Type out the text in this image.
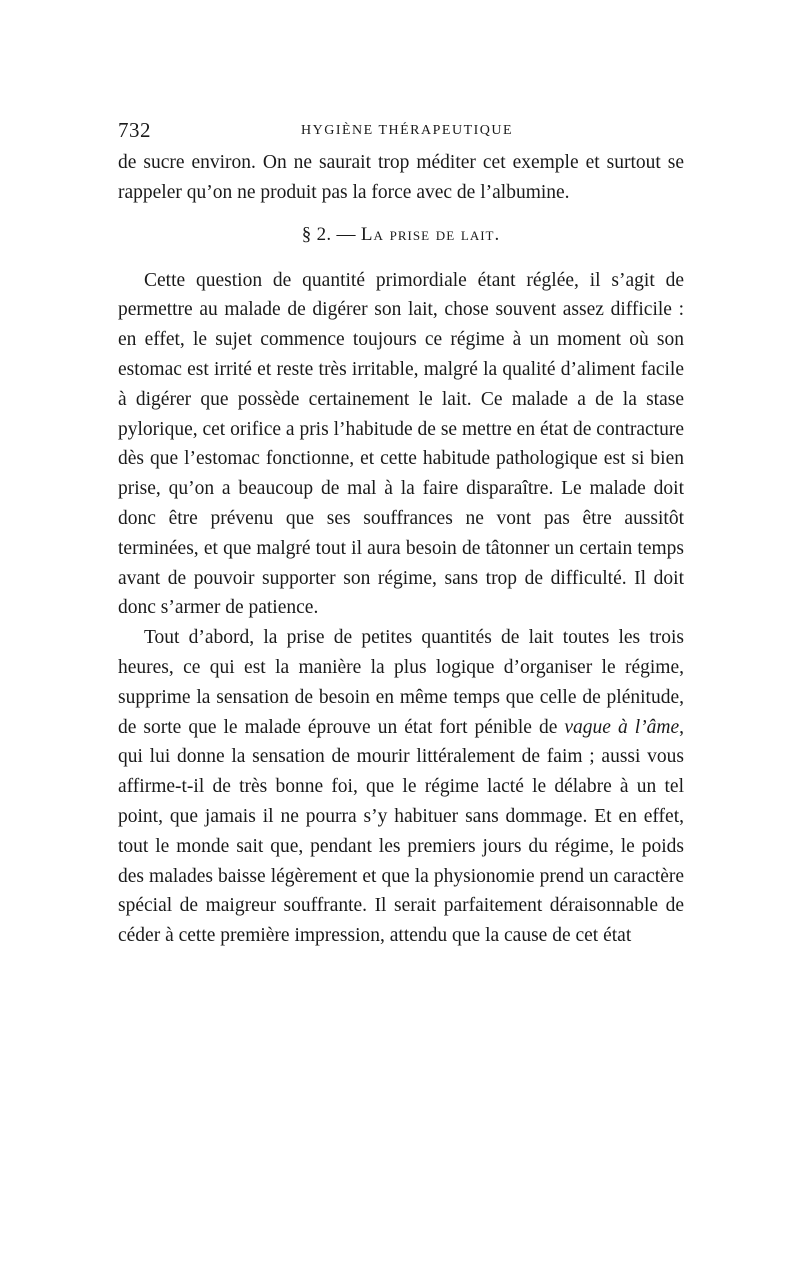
732	HYGIÈNE THÉRAPEUTIQUE

de sucre environ. On ne saurait trop méditer cet exemple et surtout se rappeler qu’on ne produit pas la force avec de l’albumine.

§ 2. — La prise de lait.

Cette question de quantité primordiale étant réglée, il s’agit de permettre au malade de digérer son lait, chose souvent assez difficile : en effet, le sujet commence toujours ce régime à un moment où son estomac est irrité et reste très irritable, malgré la qualité d’aliment facile à digérer que possède certainement le lait. Ce malade a de la stase pylorique, cet orifice a pris l’habitude de se mettre en état de contracture dès que l’estomac fonctionne, et cette habitude pathologique est si bien prise, qu’on a beaucoup de mal à la faire disparaître. Le malade doit donc être prévenu que ses souffrances ne vont pas être aussitôt terminées, et que malgré tout il aura besoin de tâtonner un certain temps avant de pouvoir supporter son régime, sans trop de difficulté. Il doit donc s’armer de patience.

Tout d’abord, la prise de petites quantités de lait toutes les trois heures, ce qui est la manière la plus logique d’organiser le régime, supprime la sensation de besoin en même temps que celle de plénitude, de sorte que le malade éprouve un état fort pénible de vague à l’âme, qui lui donne la sensation de mourir littéralement de faim ; aussi vous affirme-t-il de très bonne foi, que le régime lacté le délabre à un tel point, que jamais il ne pourra s’y habituer sans dommage. Et en effet, tout le monde sait que, pendant les premiers jours du régime, le poids des malades baisse légèrement et que la physionomie prend un caractère spécial de maigreur souffrante. Il serait parfaitement déraisonnable de céder à cette première impression, attendu que la cause de cet état
